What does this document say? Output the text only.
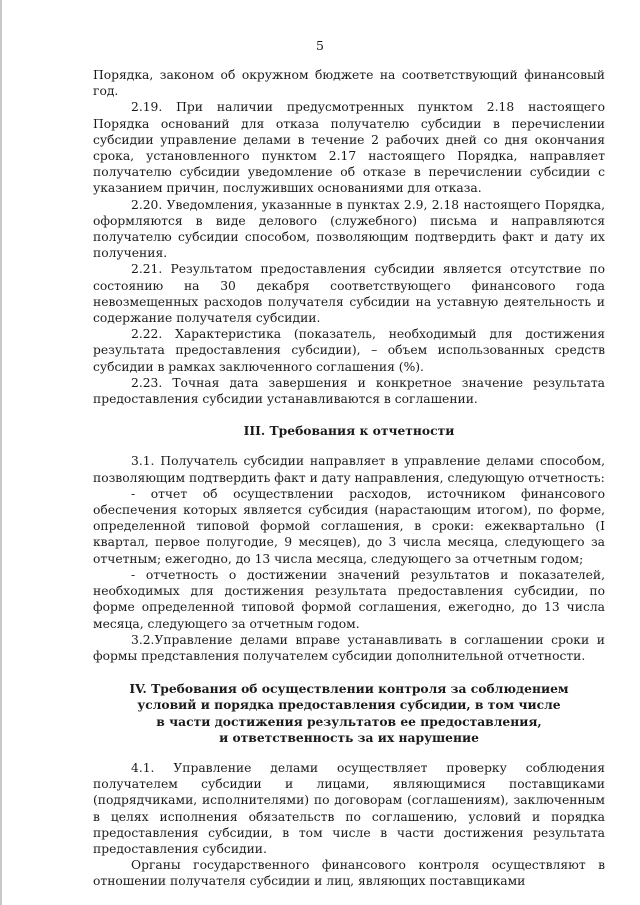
5

Порядка, законом об окружном бюджете на соответствующий финансовый год.

2.19. При наличии предусмотренных пунктом 2.18 настоящего Порядка оснований для отказа получателю субсидии в перечислении субсидии управление делами в течение 2 рабочих дней со дня окончания срока, установленного пунктом 2.17 настоящего Порядка, направляет получателю субсидии уведомление об отказе в перечислении субсидии с указанием причин, послуживших основаниями для отказа.

2.20. Уведомления, указанные в пунктах 2.9, 2.18 настоящего Порядка, оформляются в виде делового (служебного) письма и направляются получателю субсидии способом, позволяющим подтвердить факт и дату их получения.

2.21. Результатом предоставления субсидии является отсутствие по состоянию на 30 декабря соответствующего финансового года невозмещенных расходов получателя субсидии на уставную деятельность и содержание получателя субсидии.

2.22. Характеристика (показатель, необходимый для достижения результата предоставления субсидии), – объем использованных средств субсидии в рамках заключенного соглашения (%).

2.23. Точная дата завершения и конкретное значение результата предоставления субсидии устанавливаются в соглашении.

III. Требования к отчетности

3.1. Получатель субсидии направляет в управление делами способом, позволяющим подтвердить факт и дату направления, следующую отчетность:

- отчет об осуществлении расходов, источником финансового обеспечения которых является субсидия (нарастающим итогом), по форме, определенной типовой формой соглашения, в сроки: ежеквартально (I квартал, первое полугодие, 9 месяцев), до 3 числа месяца, следующего за отчетным; ежегодно, до 13 числа месяца, следующего за отчетным годом;

- отчетность о достижении значений результатов и показателей, необходимых для достижения результата предоставления субсидии, по форме определенной типовой формой соглашения, ежегодно, до 13 числа месяца, следующего за отчетным годом.

3.2.Управление делами вправе устанавливать в соглашении сроки и формы представления получателем субсидии дополнительной отчетности.

IV. Требования об осуществлении контроля за соблюдением
условий и порядка предоставления субсидии, в том числе
в части достижения результатов ее предоставления,
и ответственность за их нарушение

4.1. Управление делами осуществляет проверку соблюдения получателем субсидии и лицами, являющимися поставщиками (подрядчиками, исполнителями) по договорам (соглашениям), заключенным в целях исполнения обязательств по соглашению, условий и порядка предоставления субсидии, в том числе в части достижения результата предоставления субсидии.

Органы государственного финансового контроля осуществляют в отношении получателя субсидии и лиц, являющих поставщиками
